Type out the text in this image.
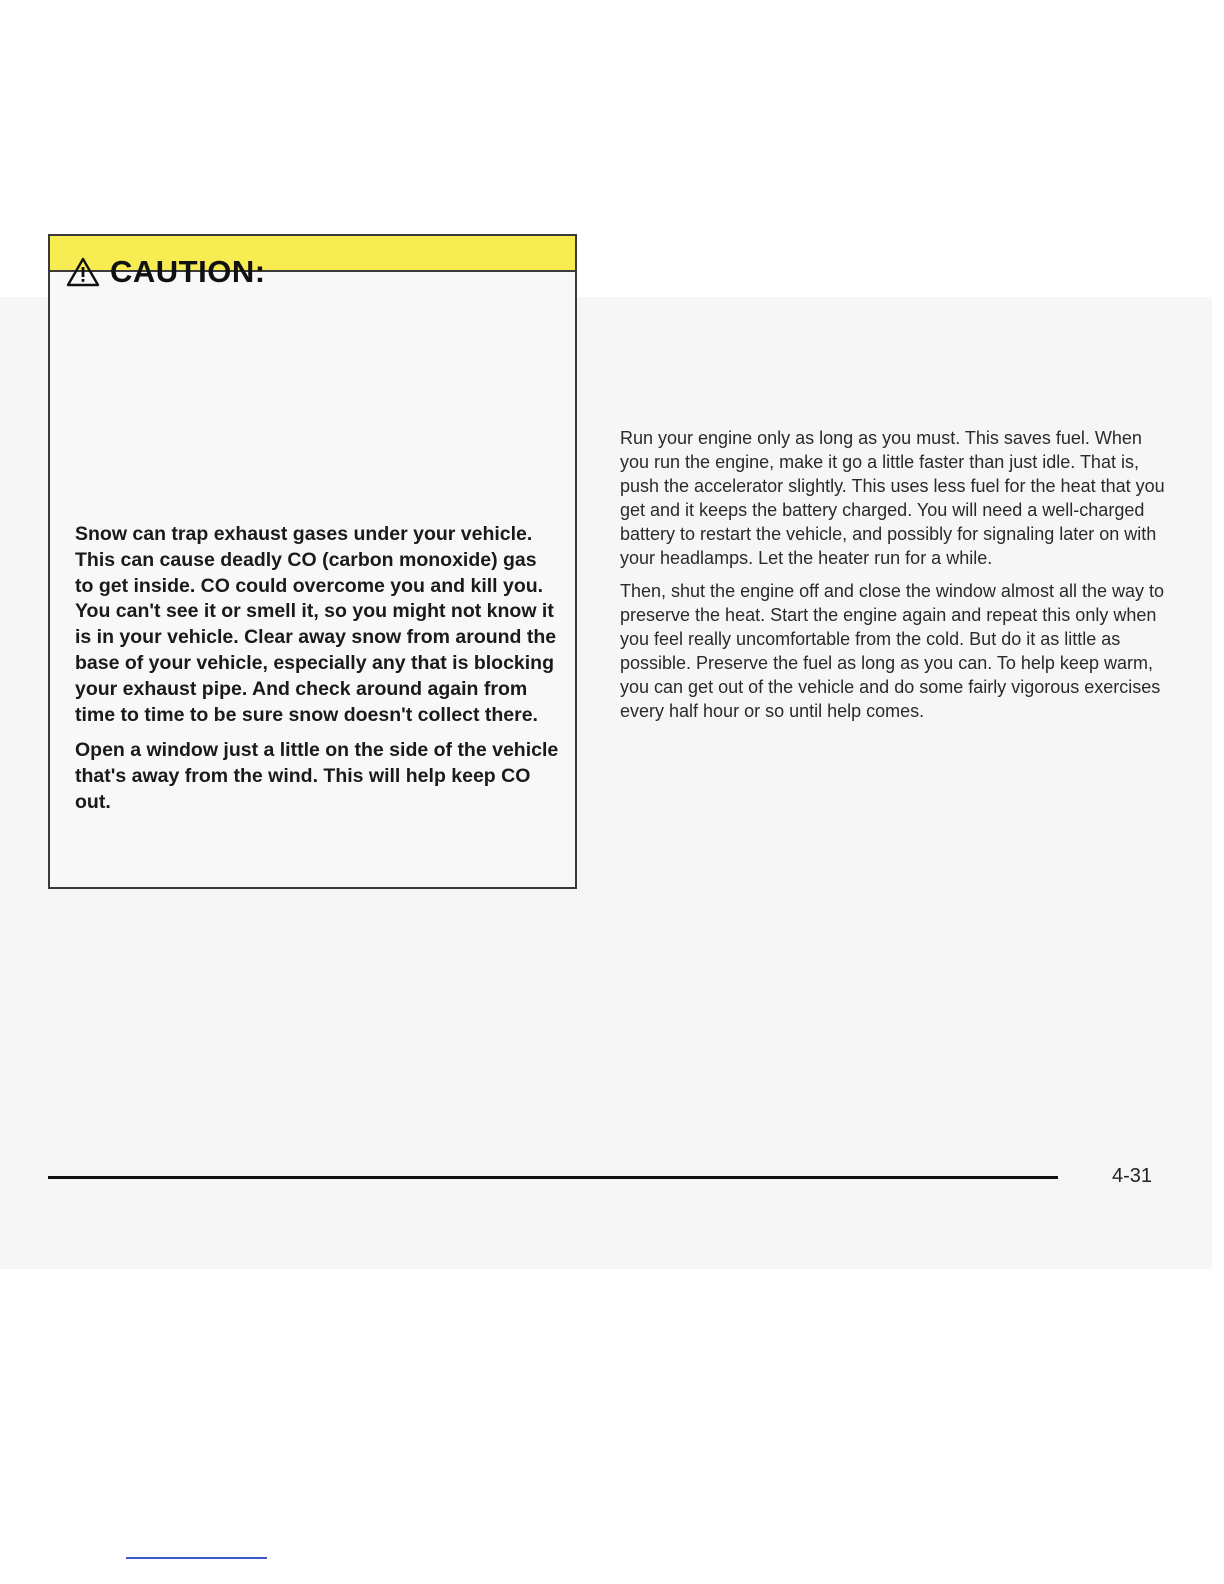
CAUTION:

Snow can trap exhaust gases under your vehicle. This can cause deadly CO (carbon monoxide) gas to get inside. CO could overcome you and kill you. You can't see it or smell it, so you might not know it is in your vehicle. Clear away snow from around the base of your vehicle, especially any that is blocking your exhaust pipe. And check around again from time to time to be sure snow doesn't collect there.

Open a window just a little on the side of the vehicle that's away from the wind. This will help keep CO out.

Run your engine only as long as you must. This saves fuel. When you run the engine, make it go a little faster than just idle. That is, push the accelerator slightly. This uses less fuel for the heat that you get and it keeps the battery charged. You will need a well-charged battery to restart the vehicle, and possibly for signaling later on with your headlamps. Let the heater run for a while.

Then, shut the engine off and close the window almost all the way to preserve the heat. Start the engine again and repeat this only when you feel really uncomfortable from the cold. But do it as little as possible. Preserve the fuel as long as you can. To help keep warm, you can get out of the vehicle and do some fairly vigorous exercises every half hour or so until help comes.

4-31
